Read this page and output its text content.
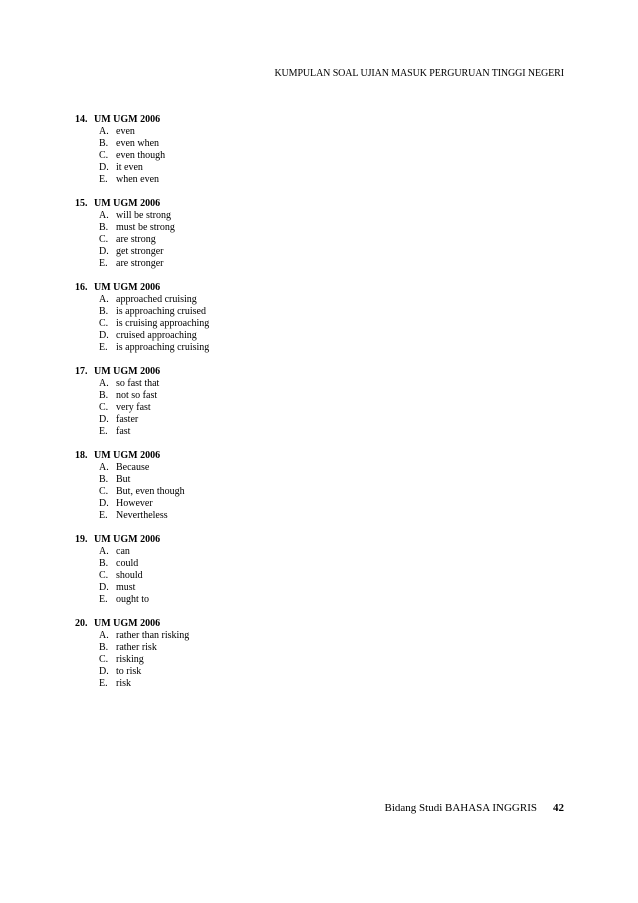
KUMPULAN SOAL UJIAN MASUK PERGURUAN TINGGI NEGERI
14. UM UGM 2006
A. even
B. even when
C. even though
D. it even
E. when even
15. UM UGM 2006
A. will be strong
B. must be strong
C. are strong
D. get stronger
E. are stronger
16. UM UGM 2006
A. approached cruising
B. is approaching cruised
C. is cruising approaching
D. cruised approaching
E. is approaching cruising
17. UM UGM 2006
A. so fast that
B. not so fast
C. very fast
D. faster
E. fast
18. UM UGM 2006
A. Because
B. But
C. But, even though
D. However
E. Nevertheless
19. UM UGM 2006
A. can
B. could
C. should
D. must
E. ought to
20. UM UGM 2006
A. rather than risking
B. rather risk
C. risking
D. to risk
E. risk
Bidang Studi BAHASA INGGRIS 42
